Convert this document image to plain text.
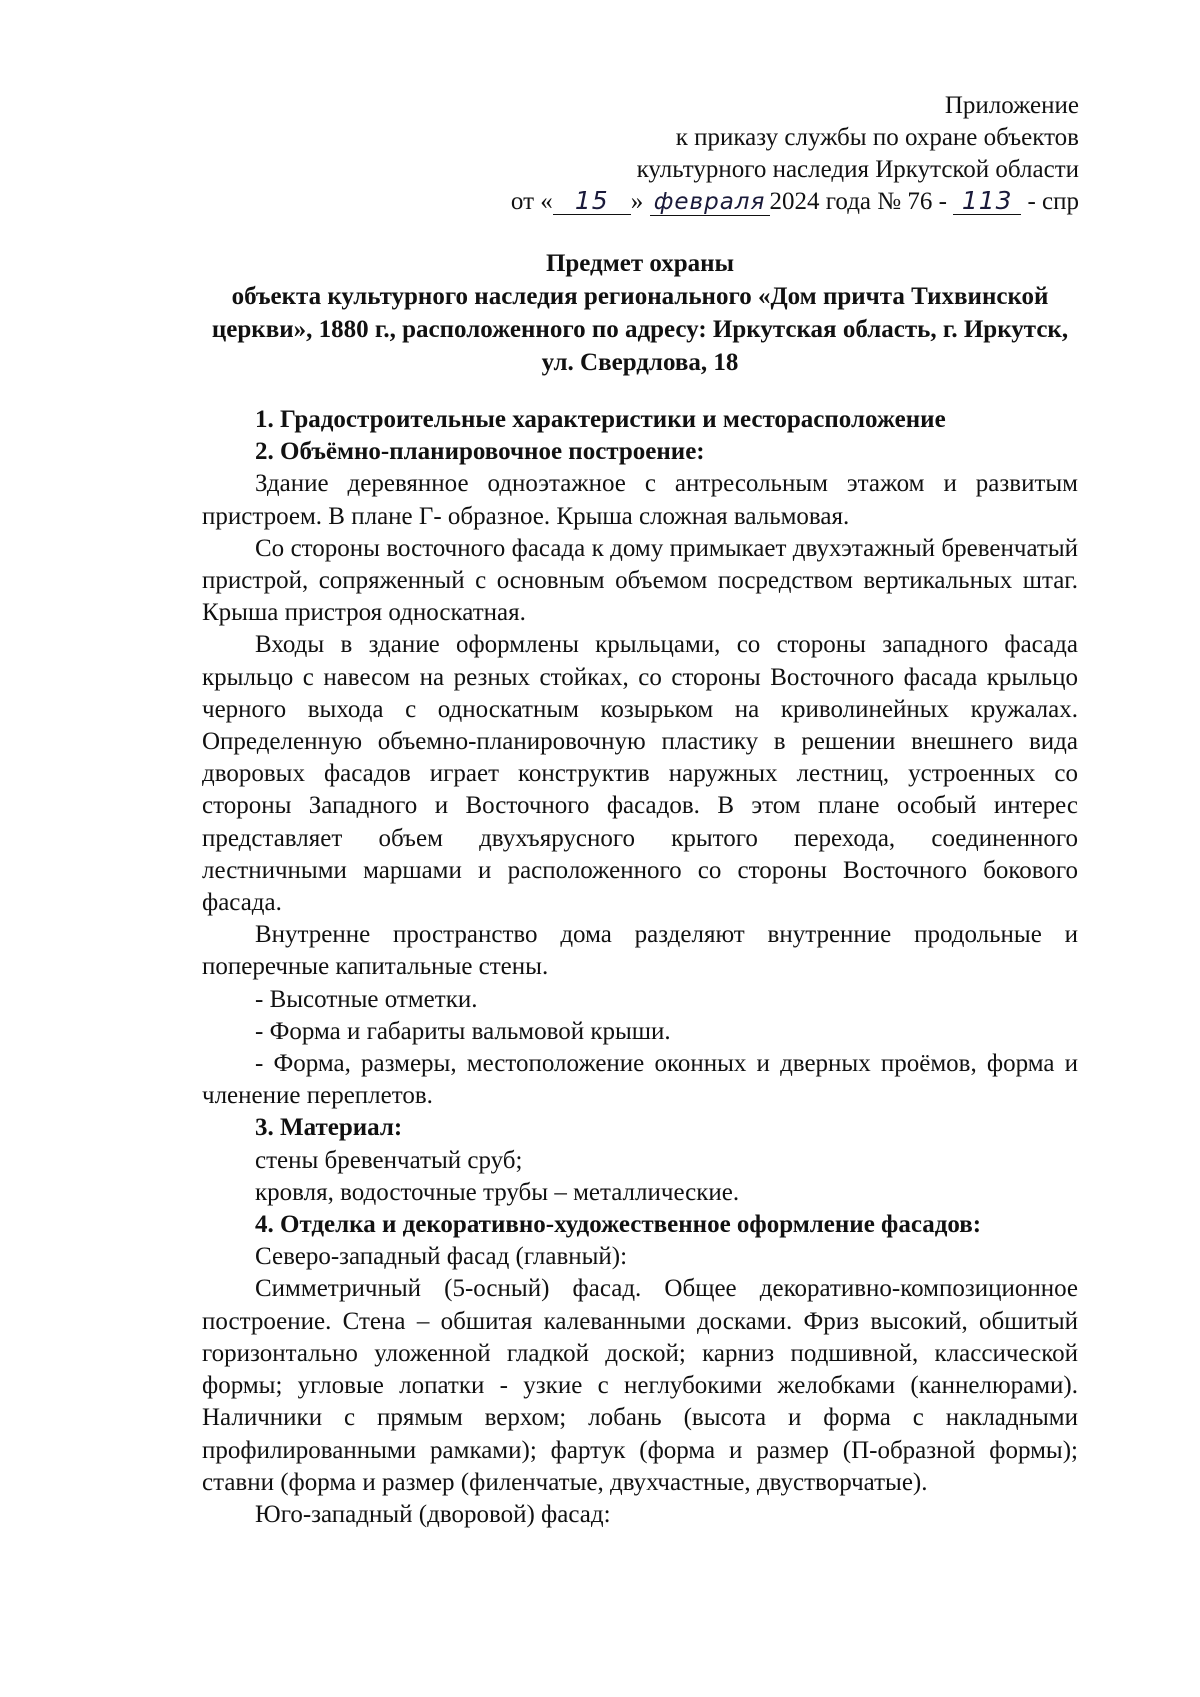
Приложение
к приказу службы по охране объектов
культурного наследия Иркутской области
от « 15 » февраля 2024 года № 76 - 113 - спр
Предмет охраны
объекта культурного наследия регионального «Дом причта Тихвинской церкви», 1880 г., расположенного по адресу: Иркутская область, г. Иркутск, ул. Свердлова, 18

1. Градостроительные характеристики и месторасположение

2. Объёмно-планировочное построение:

Здание деревянное одноэтажное с антресольным этажом и развитым пристроем. В плане Г- образное. Крыша сложная вальмовая.

Со стороны восточного фасада к дому примыкает двухэтажный бревенчатый пристрой, сопряженный с основным объемом посредством вертикальных штаг. Крыша пристроя односкатная.

Входы в здание оформлены крыльцами, со стороны западного фасада крыльцо с навесом на резных стойках, со стороны Восточного фасада крыльцо черного выхода с односкатным козырьком на криволинейных кружалах. Определенную объемно-планировочную пластику в решении внешнего вида дворовых фасадов играет конструктив наружных лестниц, устроенных со стороны Западного и Восточного фасадов. В этом плане особый интерес представляет объем двухъярусного крытого перехода, соединенного лестничными маршами и расположенного со стороны Восточного бокового фасада.

Внутренне пространство дома разделяют внутренние продольные и поперечные капитальные стены.

- Высотные отметки.

- Форма и габариты вальмовой крыши.

- Форма, размеры, местоположение оконных и дверных проёмов, форма и членение переплетов.

3. Материал:

стены бревенчатый сруб;

кровля, водосточные трубы – металлические.

4. Отделка и декоративно-художественное оформление фасадов:

Северо-западный фасад (главный):

Симметричный (5-осный) фасад. Общее декоративно-композиционное построение. Стена – обшитая калеванными досками. Фриз высокий, обшитый горизонтально уложенной гладкой доской; карниз подшивной, классической формы; угловые лопатки - узкие с неглубокими желобками (каннелюрами). Наличники с прямым верхом; лобань (высота и форма с накладными профилированными рамками); фартук (форма и размер (П-образной формы); ставни (форма и размер (филенчатые, двухчастные, двустворчатые).

Юго-западный (дворовой) фасад:
